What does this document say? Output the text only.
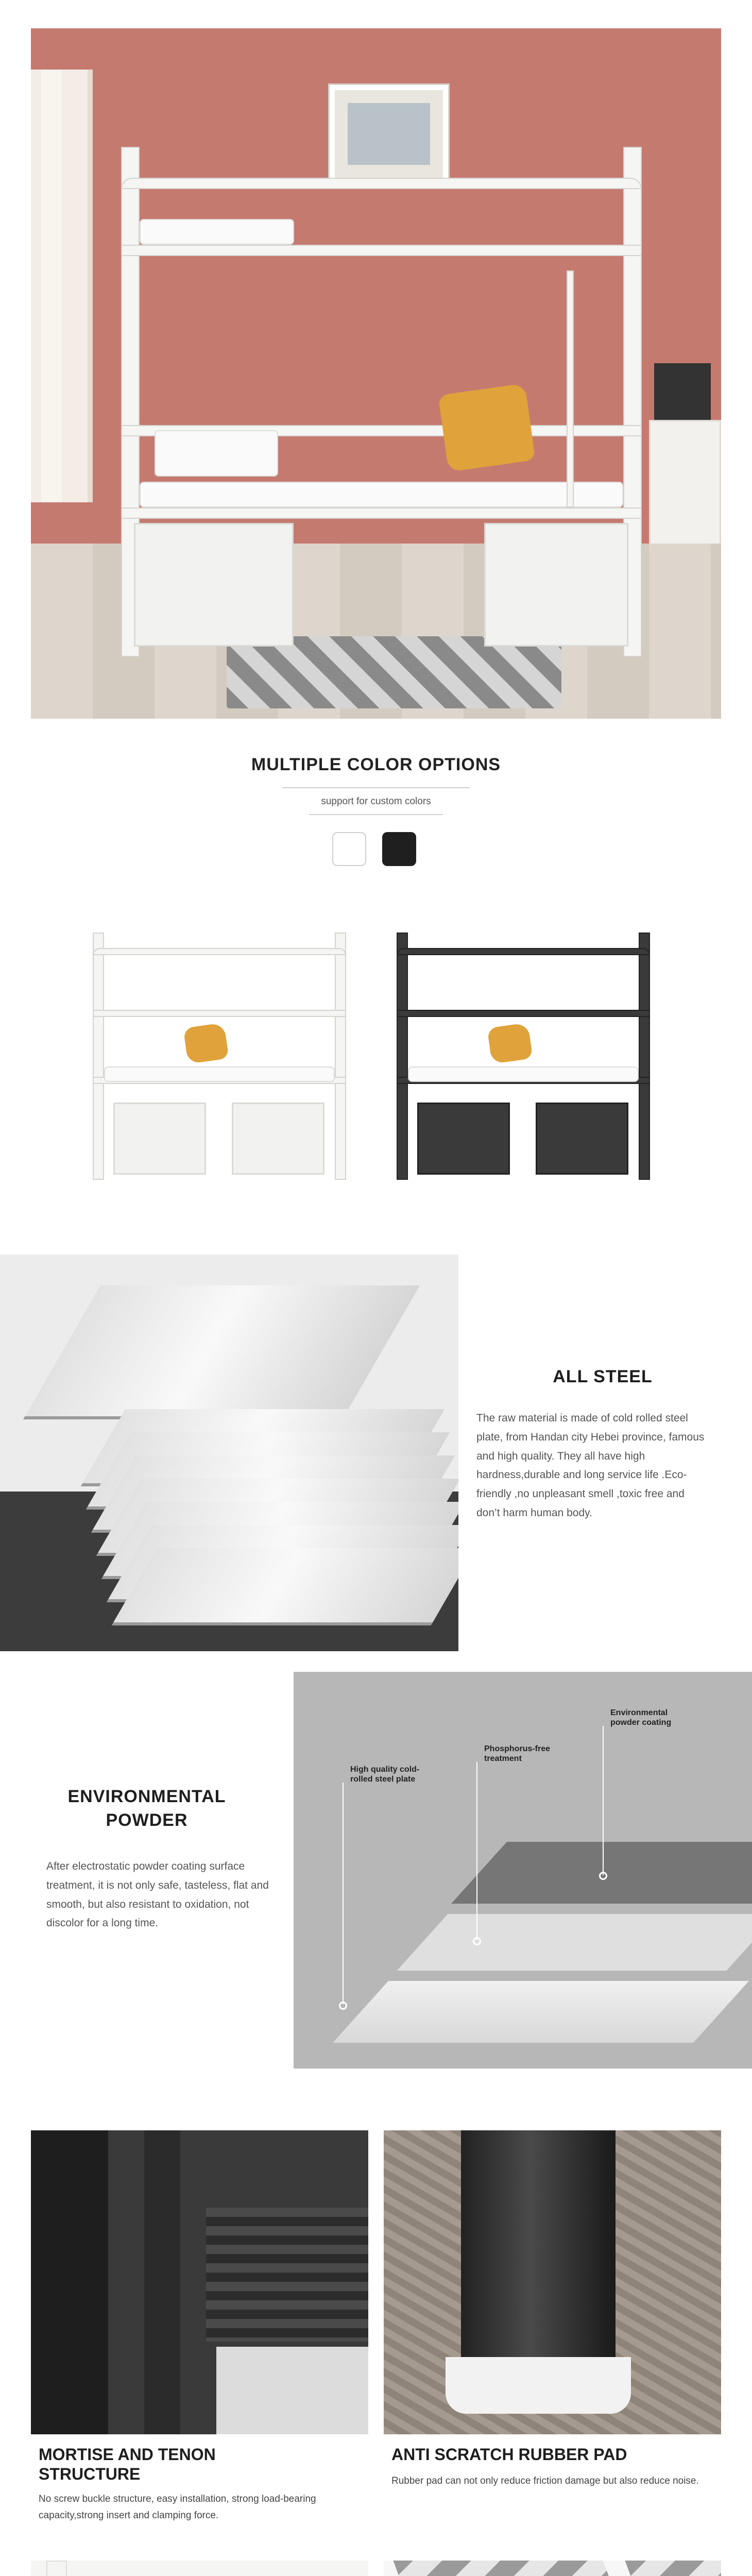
MULTIPLE COLOR OPTIONS
support for custom colors
ALL STEEL
The raw material is made of cold rolled steel plate, from Handan city Hebei province, famous and high quality. They all have high hardness,durable and long service life .Eco-friendly ,no unpleasant smell ,toxic free and don’t harm human body.
ENVIRONMENTAL
POWDER
After electrostatic powder coating surface treatment, it is not only safe, tasteless, flat and smooth, but also resistant to oxidation, not discolor for a long time.
Environmental
powder coating
Phosphorus-free
treatment
High quality cold-
rolled steel plate
MORTISE AND TENON
STRUCTURE
No screw buckle structure, easy installation, strong load-bearing capacity,strong insert and clamping force.
ANTI SCRATCH RUBBER PAD
Rubber pad can not only reduce friction damage but also reduce noise.
